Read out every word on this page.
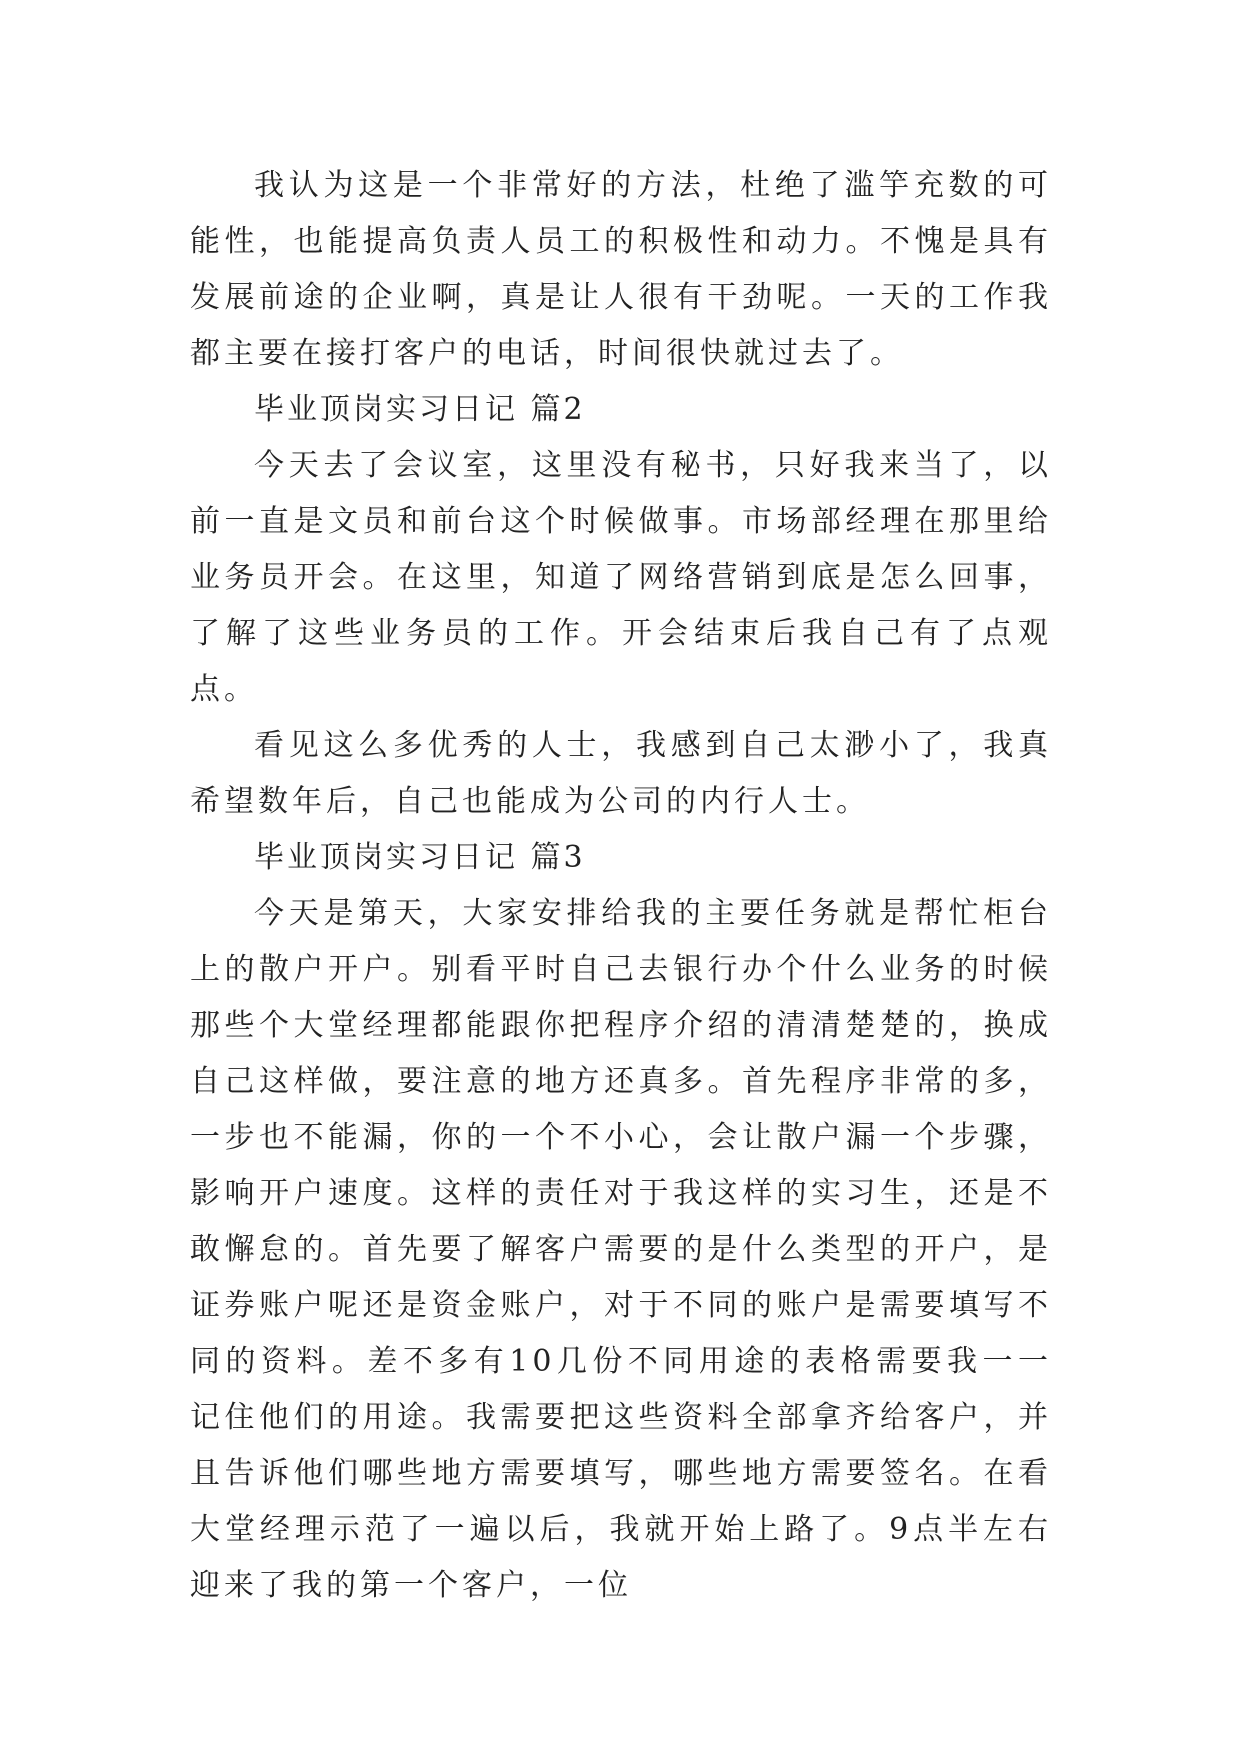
我认为这是一个非常好的方法，杜绝了滥竽充数的可能性，也能提高负责人员工的积极性和动力。不愧是具有发展前途的企业啊，真是让人很有干劲呢。一天的工作我都主要在接打客户的电话，时间很快就过去了。

毕业顶岗实习日记 篇2

今天去了会议室，这里没有秘书，只好我来当了，以前一直是文员和前台这个时候做事。市场部经理在那里给业务员开会。在这里，知道了网络营销到底是怎么回事，了解了这些业务员的工作。开会结束后我自己有了点观点。

看见这么多优秀的人士，我感到自己太渺小了，我真希望数年后，自己也能成为公司的内行人士。

毕业顶岗实习日记 篇3

今天是第天，大家安排给我的主要任务就是帮忙柜台上的散户开户。别看平时自己去银行办个什么业务的时候那些个大堂经理都能跟你把程序介绍的清清楚楚的，换成自己这样做，要注意的地方还真多。首先程序非常的多，一步也不能漏，你的一个不小心，会让散户漏一个步骤，影响开户速度。这样的责任对于我这样的实习生，还是不敢懈怠的。首先要了解客户需要的是什么类型的开户，是证券账户呢还是资金账户，对于不同的账户是需要填写不同的资料。差不多有10几份不同用途的表格需要我一一记住他们的用途。我需要把这些资料全部拿齐给客户，并且告诉他们哪些地方需要填写，哪些地方需要签名。在看大堂经理示范了一遍以后，我就开始上路了。9点半左右迎来了我的第一个客户，一位
